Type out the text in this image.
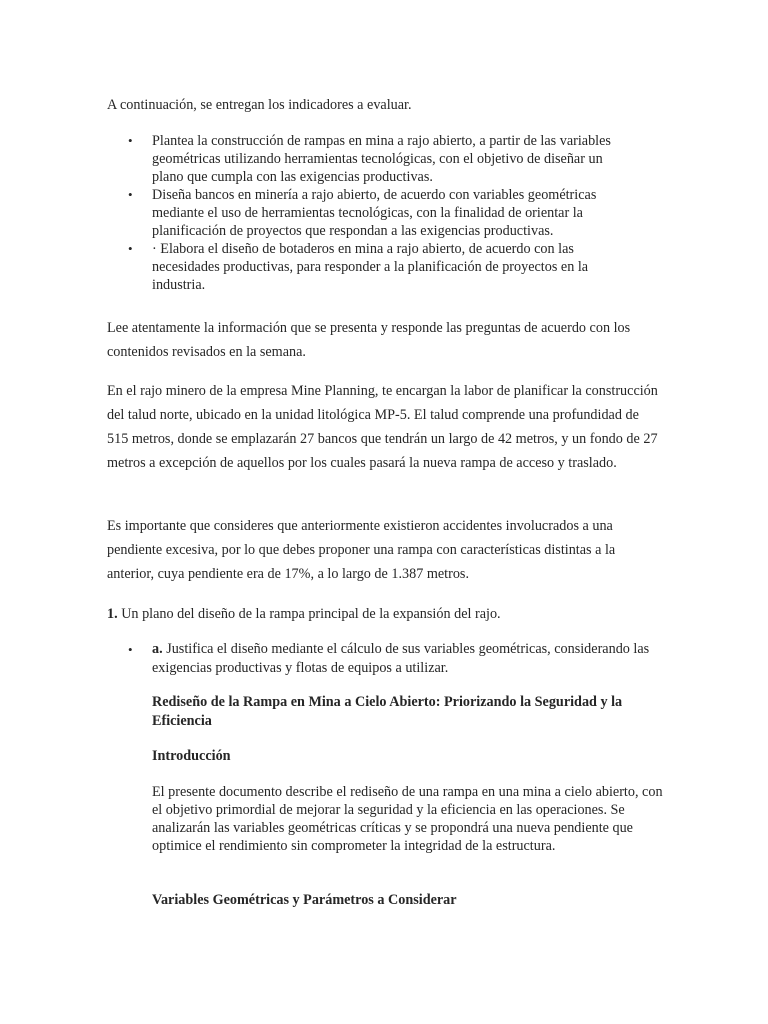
A continuación, se entregan los indicadores a evaluar.

• Plantea la construcción de rampas en mina a rajo abierto, a partir de las variables geométricas utilizando herramientas tecnológicas, con el objetivo de diseñar un plano que cumpla con las exigencias productivas.
• Diseña bancos en minería a rajo abierto, de acuerdo con variables geométricas mediante el uso de herramientas tecnológicas, con la finalidad de orientar la planificación de proyectos que respondan a las exigencias productivas.
• · Elabora el diseño de botaderos en mina a rajo abierto, de acuerdo con las necesidades productivas, para responder a la planificación de proyectos en la industria.

Lee atentamente la información que se presenta y responde las preguntas de acuerdo con los contenidos revisados en la semana.

En el rajo minero de la empresa Mine Planning, te encargan la labor de planificar la construcción del talud norte, ubicado en la unidad litológica MP-5. El talud comprende una profundidad de 515 metros, donde se emplazarán 27 bancos que tendrán un largo de 42 metros, y un fondo de 27 metros a excepción de aquellos por los cuales pasará la nueva rampa de acceso y traslado.

Es importante que consideres que anteriormente existieron accidentes involucrados a una pendiente excesiva, por lo que debes proponer una rampa con características distintas a la anterior, cuya pendiente era de 17%, a lo largo de 1.387 metros.

1. Un plano del diseño de la rampa principal de la expansión del rajo.

• a. Justifica el diseño mediante el cálculo de sus variables geométricas, considerando las exigencias productivas y flotas de equipos a utilizar.

Rediseño de la Rampa en Mina a Cielo Abierto: Priorizando la Seguridad y la Eficiencia

Introducción

El presente documento describe el rediseño de una rampa en una mina a cielo abierto, con el objetivo primordial de mejorar la seguridad y la eficiencia en las operaciones. Se analizarán las variables geométricas críticas y se propondrá una nueva pendiente que optimice el rendimiento sin comprometer la integridad de la estructura.

Variables Geométricas y Parámetros a Considerar
